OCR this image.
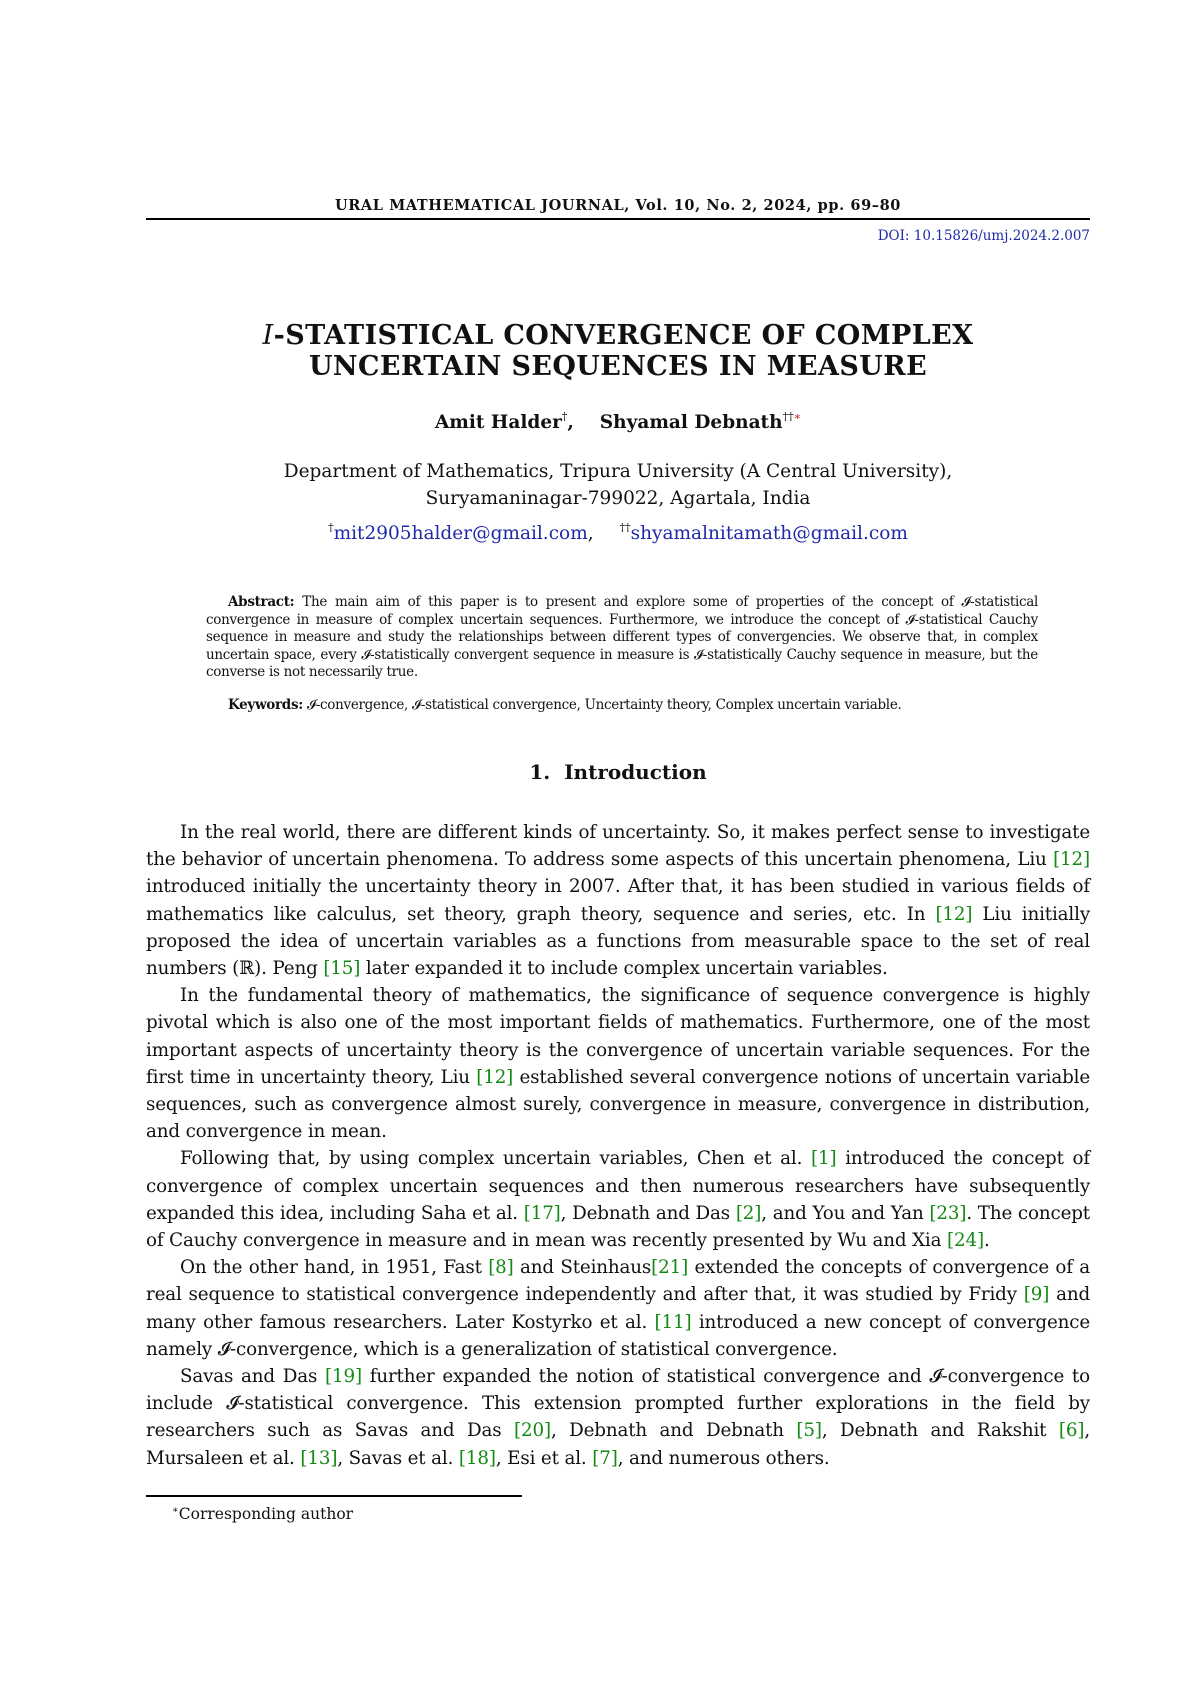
URAL MATHEMATICAL JOURNAL, Vol. 10, No. 2, 2024, pp. 69–80
DOI: 10.15826/umj.2024.2.007
I-STATISTICAL CONVERGENCE OF COMPLEX
UNCERTAIN SEQUENCES IN MEASURE
Amit Halder†, Shyamal Debnath††∗
Department of Mathematics, Tripura University (A Central University),
Suryamaninagar-799022, Agartala, India
†mit2905halder@gmail.com, ††shyamalnitamath@gmail.com
Abstract: The main aim of this paper is to present and explore some of properties of the concept of 𝓘-statistical convergence in measure of complex uncertain sequences. Furthermore, we introduce the concept of 𝓘-statistical Cauchy sequence in measure and study the relationships between different types of convergencies. We observe that, in complex uncertain space, every 𝓘-statistically convergent sequence in measure is 𝓘-statistically Cauchy sequence in measure, but the converse is not necessarily true.
Keywords: 𝓘-convergence, 𝓘-statistical convergence, Uncertainty theory, Complex uncertain variable.
1. Introduction

In the real world, there are different kinds of uncertainty. So, it makes perfect sense to investigate the behavior of uncertain phenomena. To address some aspects of this uncertain phenomena, Liu [12] introduced initially the uncertainty theory in 2007. After that, it has been studied in various fields of mathematics like calculus, set theory, graph theory, sequence and series, etc. In [12] Liu initially proposed the idea of uncertain variables as a functions from measurable space to the set of real numbers (ℝ). Peng [15] later expanded it to include complex uncertain variables.

In the fundamental theory of mathematics, the significance of sequence convergence is highly pivotal which is also one of the most important fields of mathematics. Furthermore, one of the most important aspects of uncertainty theory is the convergence of uncertain variable sequences. For the first time in uncertainty theory, Liu [12] established several convergence notions of uncertain variable sequences, such as convergence almost surely, convergence in measure, convergence in distribution, and convergence in mean.

Following that, by using complex uncertain variables, Chen et al. [1] introduced the concept of convergence of complex uncertain sequences and then numerous researchers have subsequently expanded this idea, including Saha et al. [17], Debnath and Das [2], and You and Yan [23]. The concept of Cauchy convergence in measure and in mean was recently presented by Wu and Xia [24].

On the other hand, in 1951, Fast [8] and Steinhaus[21] extended the concepts of convergence of a real sequence to statistical convergence independently and after that, it was studied by Fridy [9] and many other famous researchers. Later Kostyrko et al. [11] introduced a new concept of convergence namely 𝓘-convergence, which is a generalization of statistical convergence.

Savas and Das [19] further expanded the notion of statistical convergence and 𝓘-convergence to include 𝓘-statistical convergence. This extension prompted further explorations in the field by researchers such as Savas and Das [20], Debnath and Debnath [5], Debnath and Rakshit [6], Mursaleen et al. [13], Savas et al. [18], Esi et al. [7], and numerous others.

∗Corresponding author
